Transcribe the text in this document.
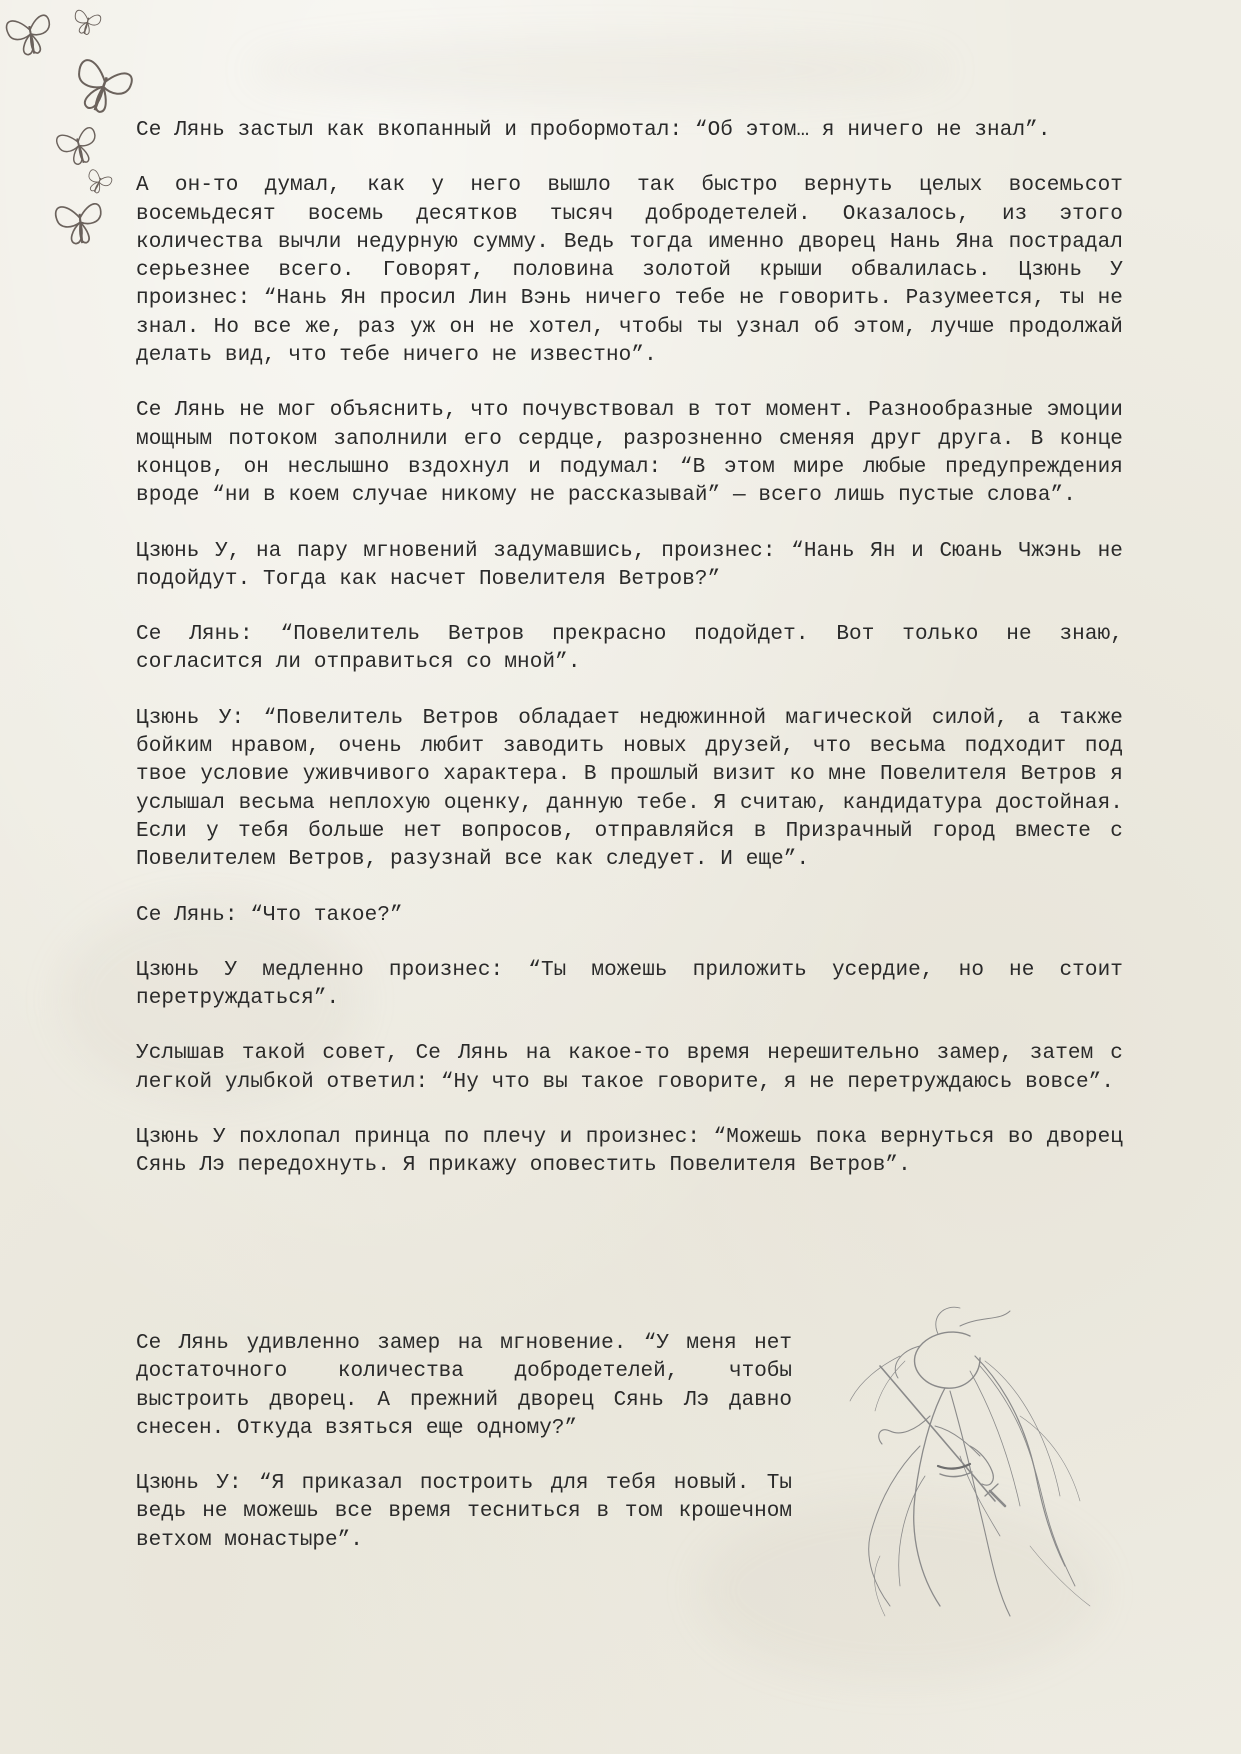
Се Лянь застыл как вкопанный и пробормотал: “Об этом… я ничего не знал”.

А он-то думал, как у него вышло так быстро вернуть целых восемьсот восемьдесят восемь десятков тысяч добродетелей. Оказалось, из этого количества вычли недурную сумму. Ведь тогда именно дворец Нань Яна пострадал серьезнее всего. Говорят, половина золотой крыши обвалилась. Цзюнь У произнес: “Нань Ян просил Лин Вэнь ничего тебе не говорить. Разумеется, ты не знал. Но все же, раз уж он не хотел, чтобы ты узнал об этом, лучше продолжай делать вид, что тебе ничего не известно”.

Се Лянь не мог объяснить, что почувствовал в тот момент. Разнообразные эмоции мощным потоком заполнили его сердце, разрозненно сменяя друг друга. В конце концов, он неслышно вздохнул и подумал: “В этом мире любые предупреждения вроде “ни в коем случае никому не рассказывай” — всего лишь пустые слова”.

Цзюнь У, на пару мгновений задумавшись, произнес: “Нань Ян и Сюань Чжэнь не подойдут. Тогда как насчет Повелителя Ветров?”

Се Лянь: “Повелитель Ветров прекрасно подойдет. Вот только не знаю, согласится ли отправиться со мной”.

Цзюнь У: “Повелитель Ветров обладает недюжинной магической силой, а также бойким нравом, очень любит заводить новых друзей, что весьма подходит под твое условие уживчивого характера. В прошлый визит ко мне Повелителя Ветров я услышал весьма неплохую оценку, данную тебе. Я считаю, кандидатура достойная. Если у тебя больше нет вопросов, отправляйся в Призрачный город вместе с Повелителем Ветров, разузнай все как следует. И еще”.

Се Лянь: “Что такое?”

Цзюнь У медленно произнес: “Ты можешь приложить усердие, но не стоит перетруждаться”.

Услышав такой совет, Се Лянь на какое-то время нерешительно замер, затем с легкой улыбкой ответил: “Ну что вы такое говорите, я не перетруждаюсь вовсе”.

Цзюнь У похлопал принца по плечу и произнес: “Можешь пока вернуться во дворец Сянь Лэ передохнуть. Я прикажу оповестить Повелителя Ветров”.

Се Лянь удивленно замер на мгновение. “У меня нет достаточного количества добродетелей, чтобы выстроить дворец. А прежний дворец Сянь Лэ давно снесен. Откуда взяться еще одному?”

Цзюнь У: “Я приказал построить для тебя новый. Ты ведь не можешь все время тесниться в том крошечном ветхом монастыре”.
